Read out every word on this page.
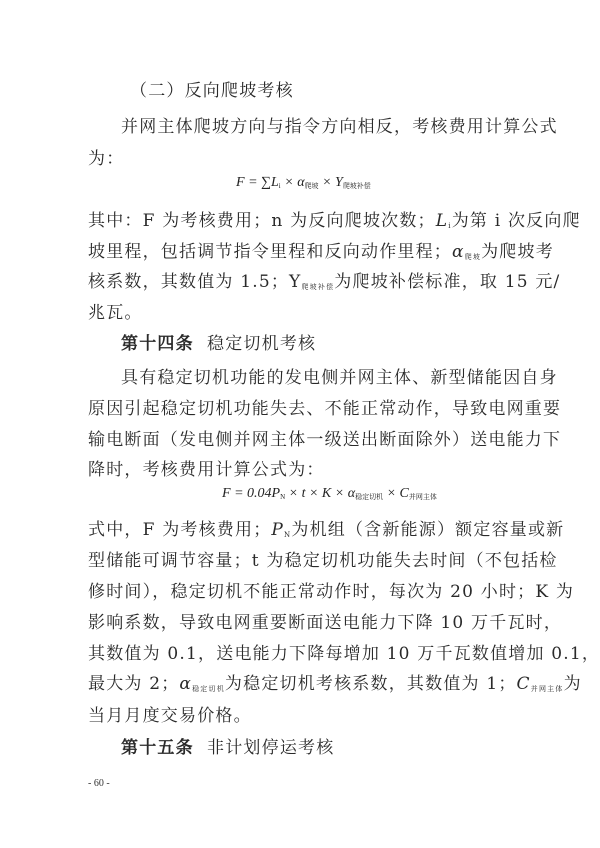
（二）反向爬坡考核
并网主体爬坡方向与指令方向相反，考核费用计算公式
为：
$F = \sum L_i \times \alpha_{爬坡} \times Y_{爬坡补偿}$
其中：F 为考核费用；n 为反向爬坡次数；$L_i$为第 i 次反向爬
坡里程，包括调节指令里程和反向动作里程；$\alpha_{爬坡}$为爬坡考
核系数，其数值为 1.5；$Y_{爬坡补偿}$为爬坡补偿标准，取 15 元/
兆瓦。
第十四条 稳定切机考核
具有稳定切机功能的发电侧并网主体、新型储能因自身
原因引起稳定切机功能失去、不能正常动作，导致电网重要
输电断面（发电侧并网主体一级送出断面除外）送电能力下
降时，考核费用计算公式为：
$F = 0.04P_N \times t \times K \times \alpha_{稳定切机} \times C_{并网主体}$
式中，F 为考核费用；$P_N$为机组（含新能源）额定容量或新
型储能可调节容量；t 为稳定切机功能失去时间（不包括检
修时间），稳定切机不能正常动作时，每次为 20 小时；K 为
影响系数，导致电网重要断面送电能力下降 10 万千瓦时，
其数值为 0.1，送电能力下降每增加 10 万千瓦数值增加 0.1，
最大为 2；$\alpha_{稳定切机}$为稳定切机考核系数，其数值为 1；$C_{并网主体}$为
当月月度交易价格。
第十五条 非计划停运考核
- 60 -
